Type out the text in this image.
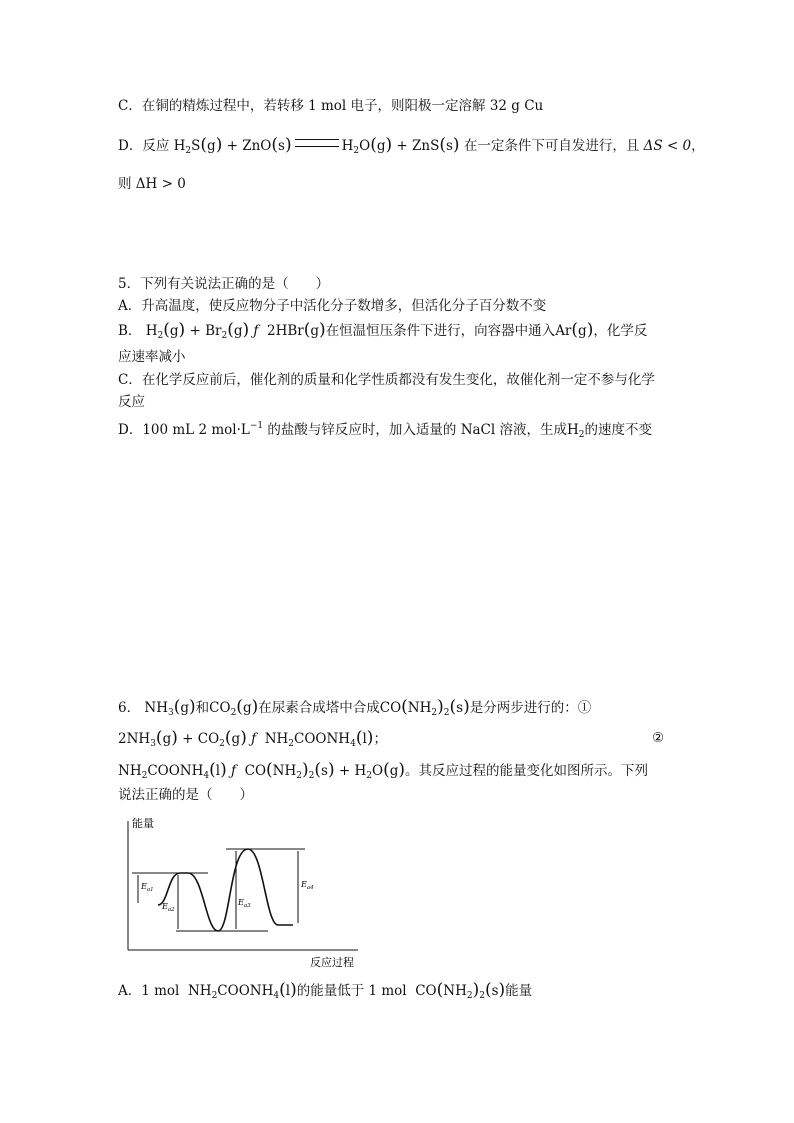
C．在铜的精炼过程中，若转移 1 mol 电子，则阳极一定溶解 32 g Cu
D．反应 $H_2S(g) + ZnO(s)$	$H_2O(g) + ZnS(s)$ 在一定条件下可自发进行，且 ΔS < 0，
则 ΔH > 0
5．下列有关说法正确的是（　　）
A．升高温度，使反应物分子中活化分子数增多，但活化分子百分数不变
B． $H_2(g) + Br_2(g)$ ƒ  2HBr(g)在恒温恒压条件下进行，向容器中通入Ar(g)，化学反
应速率减小
C．在化学反应前后，催化剂的质量和化学性质都没有发生变化，故催化剂一定不参与化学
反应
D．100 mL 2 $mol\cdot L^{-1}$ 的盐酸与锌反应时，加入适量的 NaCl 溶液，生成$H_2$的速度不变
6． $NH_3(g)$和$CO_2(g)$在尿素合成塔中合成$CO(NH_2)_2(s)$是分两步进行的：①
$2NH_3(g) + CO_2(g)$ ƒ  $NH_2COONH_4(l)$；	②
$NH_2COONH_4(l)$ ƒ  $CO(NH_2)_2(s) + H_2O(g)$。其反应过程的能量变化如图所示。下列
说法正确的是（　　）
能量
反应过程
$E_{a1}$
$E_{a2}$
$E_{a3}$
$E_{a4}$
A．1 mol  $NH_2COONH_4(l)$的能量低于 1 mol  $CO(NH_2)_2(s)$能量
